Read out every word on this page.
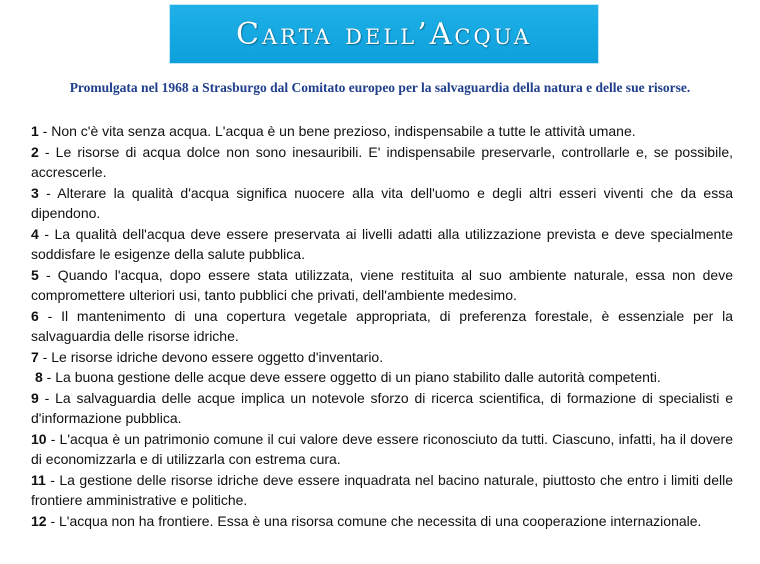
Carta dell’Acqua
Promulgata nel 1968 a Strasburgo dal Comitato europeo per la salvaguardia della natura e delle sue risorse.
1 - Non c'è vita senza acqua. L'acqua è un bene prezioso, indispensabile a tutte le attività umane.
2 - Le risorse di acqua dolce non sono inesauribili. E' indispensabile preservarle, controllarle e, se possibile, accrescerle.
3 - Alterare la qualità d'acqua significa nuocere alla vita dell'uomo e degli altri esseri viventi che da essa dipendono.
4 - La qualità dell'acqua deve essere preservata ai livelli adatti alla utilizzazione prevista e deve specialmente soddisfare le esigenze della salute pubblica.
5 - Quando l'acqua, dopo essere stata utilizzata, viene restituita al suo ambiente naturale, essa non deve compromettere ulteriori usi, tanto pubblici che privati, dell'ambiente medesimo.
6 - Il mantenimento di una copertura vegetale appropriata, di preferenza forestale, è essenziale per la salvaguardia delle risorse idriche.
7 - Le risorse idriche devono essere oggetto d'inventario.
8 - La buona gestione delle acque deve essere oggetto di un piano stabilito dalle autorità competenti.
9 - La salvaguardia delle acque implica un notevole sforzo di ricerca scientifica, di formazione di specialisti e d'informazione pubblica.
10 - L'acqua è un patrimonio comune il cui valore deve essere riconosciuto da tutti. Ciascuno, infatti, ha il dovere di economizzarla e di utilizzarla con estrema cura.
11 - La gestione delle risorse idriche deve essere inquadrata nel bacino naturale, piuttosto che entro i limiti delle frontiere amministrative e politiche.
12 - L'acqua non ha frontiere. Essa è una risorsa comune che necessita di una cooperazione internazionale.
